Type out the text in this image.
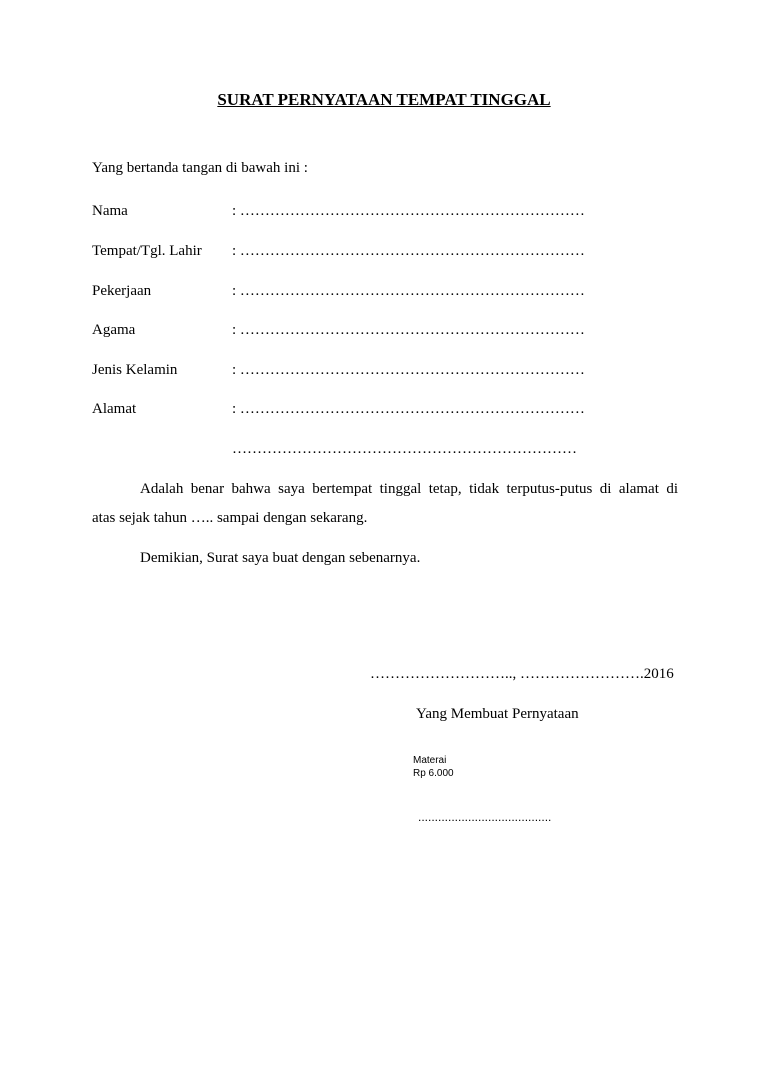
SURAT PERNYATAAN TEMPAT TINGGAL
Yang bertanda tangan di bawah ini :
Nama	: ……………………………………………………………
Tempat/Tgl. Lahir : ……………………………………………………………
Pekerjaan	: ……………………………………………………………
Agama	: ……………………………………………………………
Jenis Kelamin	: ……………………………………………………………
Alamat	: ……………………………………………………………
……………………………………………………………
Adalah benar bahwa saya bertempat tinggal tetap, tidak terputus-putus di alamat di
atas sejak tahun ….. sampai dengan sekarang.
Demikian, Surat saya buat dengan sebenarnya.
……………………….., …………………….2016
Yang Membuat Pernyataan
Materai
Rp 6.000
........................................
